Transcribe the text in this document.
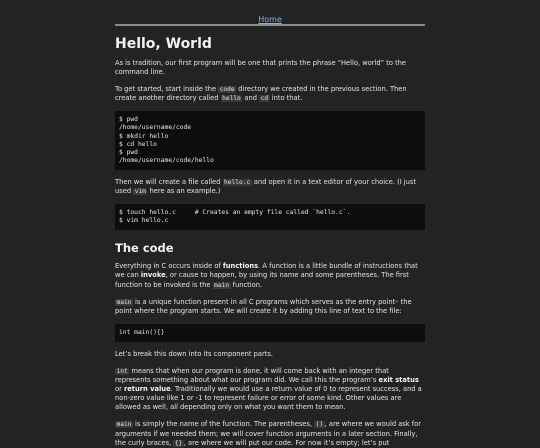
Home
Hello, World

As is tradition, our first program will be one that prints the phrase “Hello, world” to the command line.

To get started, start inside the code directory we created in the previous section. Then create another directory called hello and cd into that.

$ pwd
/home/username/code
$ mkdir hello
$ cd hello
$ pwd
/home/username/code/hello

Then we will create a file called hello.c and open it in a text editor of your choice. (I just used vim here as an example.)

$ touch hello.c     # Creates an empty file called `hello.c`.
$ vim hello.c
The code

Everything in C occurs inside of functions. A function is a little bundle of instructions that we can invoke, or cause to happen, by using its name and some parentheses. The first function to be invoked is the main function.

main is a unique function present in all C programs which serves as the entry point– the point where the program starts. We will create it by adding this line of text to the file:

int main(){}

Let’s break this down into its component parts.

int means that when our program is done, it will come back with an integer that represents something about what our program did. We call this the program’s exit status or return value. Traditionally we would use a return value of 0 to represent success, and a non-zero value like 1 or -1 to represent failure or error of some kind. Other values are allowed as well, all depending only on what you want them to mean.

main is simply the name of the function. The parentheses, () , are where we would ask for arguments if we needed them; we will cover function arguments in a later section. Finally, the curly braces, {} , are where we will put our code. For now it’s empty; let’s put
